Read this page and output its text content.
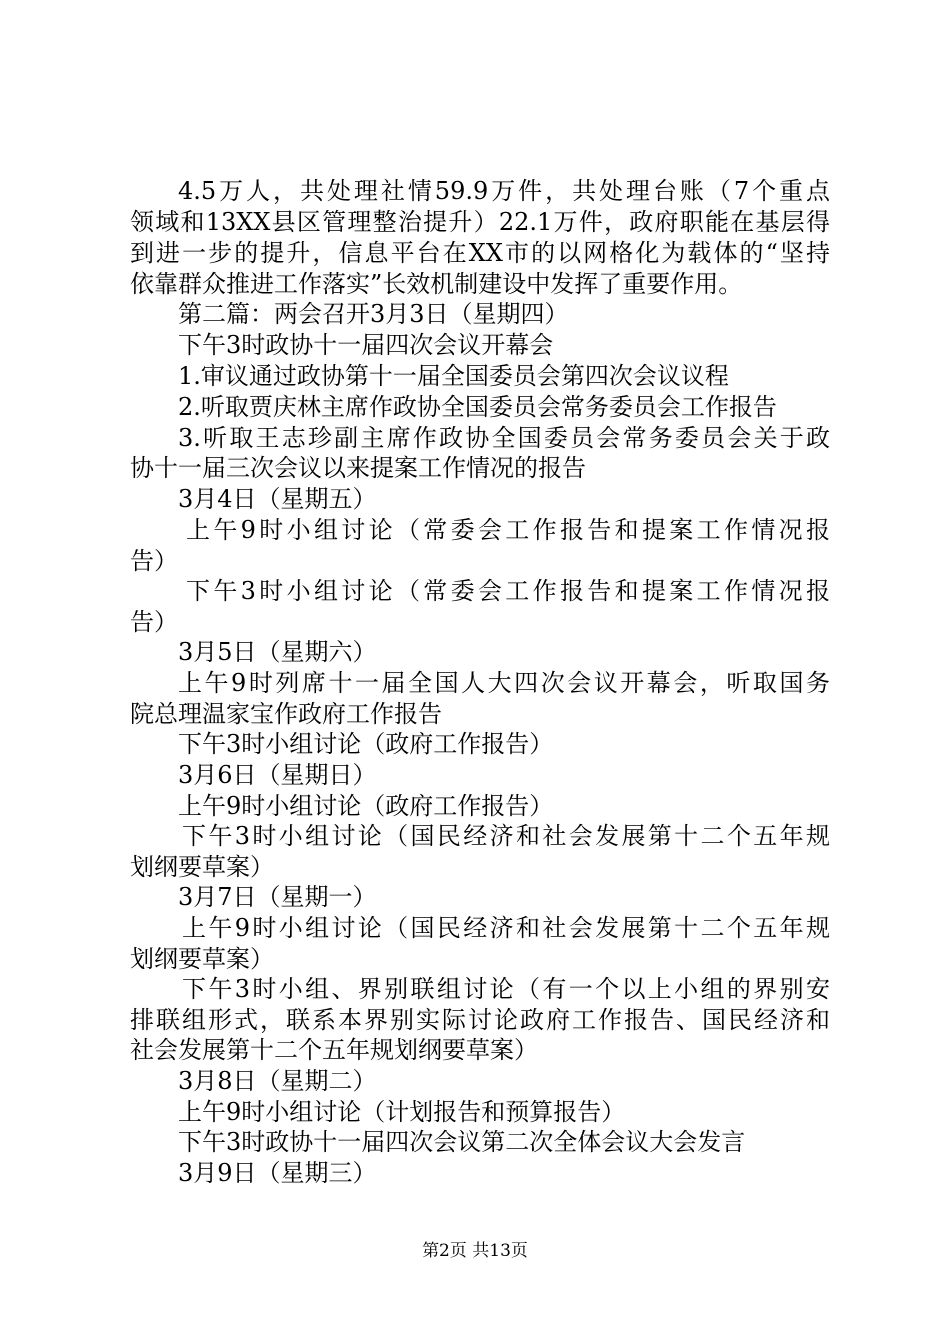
4.5万人，共处理社情59.9万件，共处理台账（7个重点

领域和13XX县区管理整治提升）22.1万件，政府职能在基层得

到进一步的提升，信息平台在XX市的以网格化为载体的“坚持

依靠群众推进工作落实”长效机制建设中发挥了重要作用。

第二篇：两会召开3月3日（星期四）

下午3时政协十一届四次会议开幕会

1.审议通过政协第十一届全国委员会第四次会议议程

2.听取贾庆林主席作政协全国委员会常务委员会工作报告

3.听取王志珍副主席作政协全国委员会常务委员会关于政

协十一届三次会议以来提案工作情况的报告

3月4日（星期五）

上午9时小组讨论（常委会工作报告和提案工作情况报

告）

下午3时小组讨论（常委会工作报告和提案工作情况报

告）

3月5日（星期六）

上午9时列席十一届全国人大四次会议开幕会，听取国务

院总理温家宝作政府工作报告

下午3时小组讨论（政府工作报告）

3月6日（星期日）

上午9时小组讨论（政府工作报告）

下午3时小组讨论（国民经济和社会发展第十二个五年规

划纲要草案）

3月7日（星期一）

上午9时小组讨论（国民经济和社会发展第十二个五年规

划纲要草案）

下午3时小组、界别联组讨论（有一个以上小组的界别安

排联组形式，联系本界别实际讨论政府工作报告、国民经济和

社会发展第十二个五年规划纲要草案）

3月8日（星期二）

上午9时小组讨论（计划报告和预算报告）

下午3时政协十一届四次会议第二次全体会议大会发言

3月9日（星期三）

第2页 共13页
